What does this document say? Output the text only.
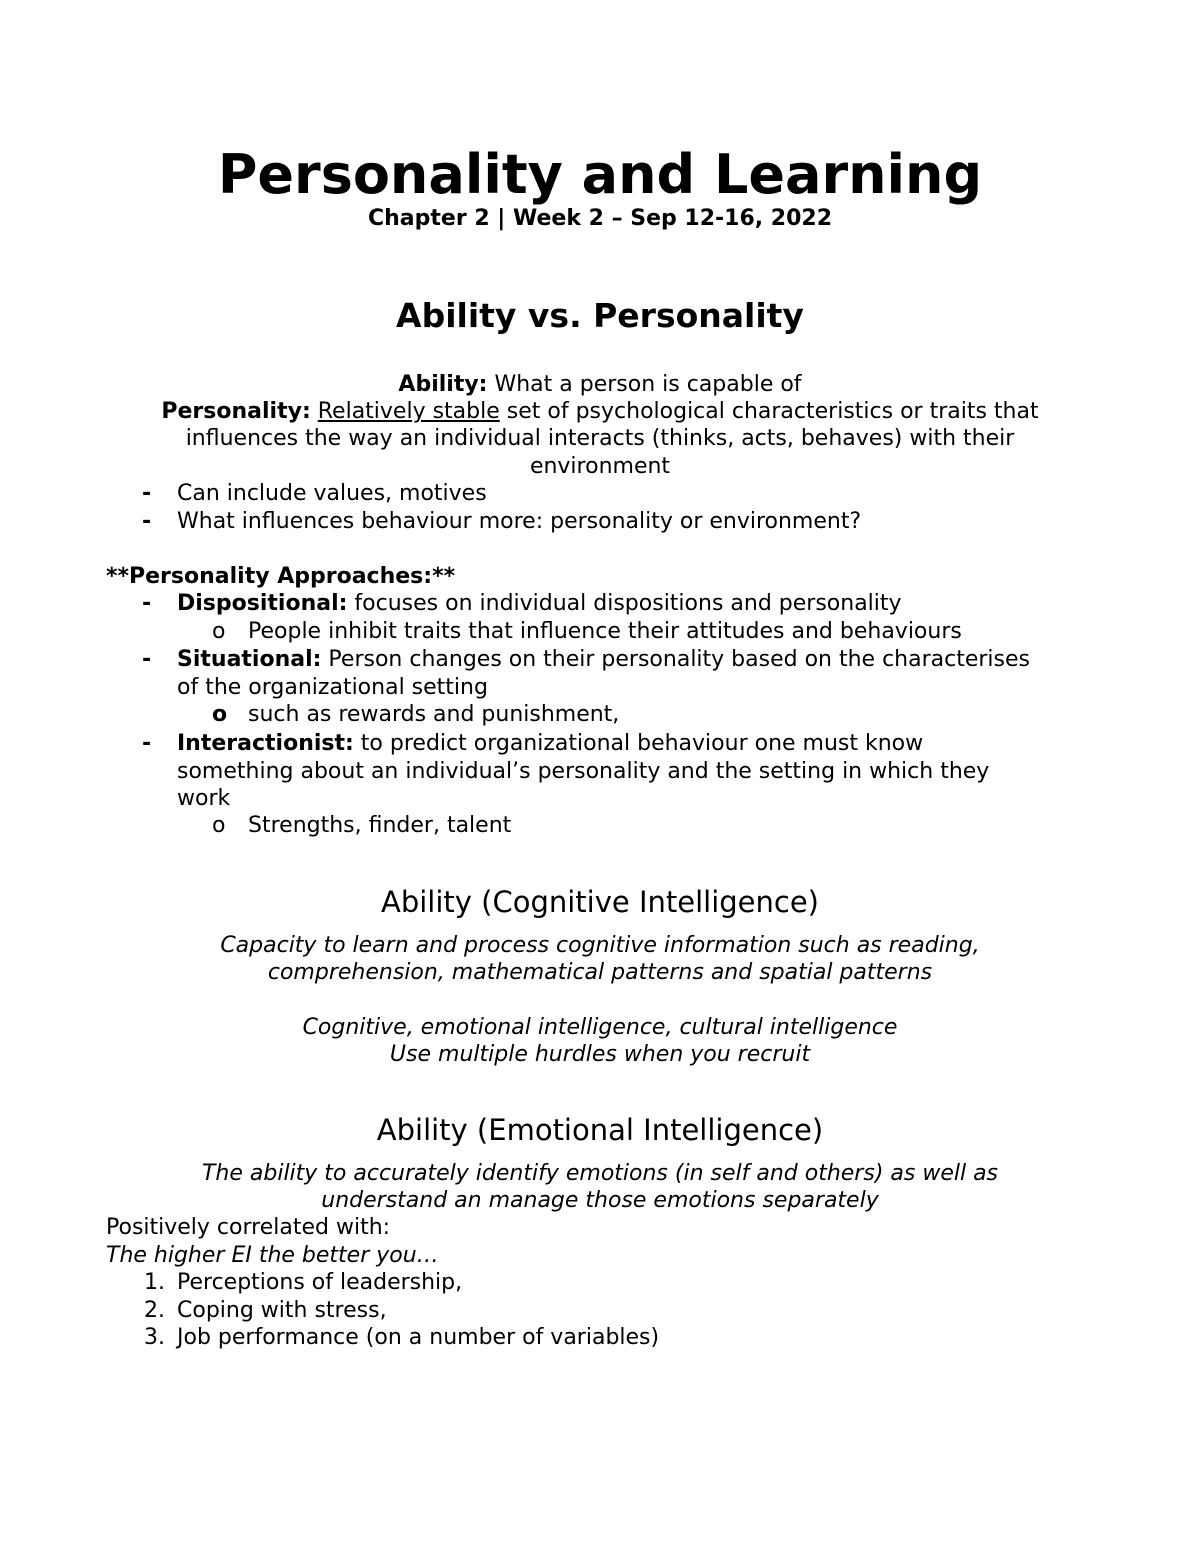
Personality and Learning
Chapter 2 | Week 2 – Sep 12-16, 2022
Ability vs. Personality
Ability: What a person is capable of
Personality: Relatively stable set of psychological characteristics or traits that
influences the way an individual interacts (thinks, acts, behaves) with their
environment
- Can include values, motives
- What influences behaviour more: personality or environment?
**Personality Approaches:**
- Dispositional: focuses on individual dispositions and personality
o People inhibit traits that influence their attitudes and behaviours
- Situational: Person changes on their personality based on the characterises
of the organizational setting
o such as rewards and punishment,
- Interactionist: to predict organizational behaviour one must know
something about an individual’s personality and the setting in which they
work
o Strengths, finder, talent
Ability (Cognitive Intelligence)
Capacity to learn and process cognitive information such as reading,
comprehension, mathematical patterns and spatial patterns
Cognitive, emotional intelligence, cultural intelligence
Use multiple hurdles when you recruit
Ability (Emotional Intelligence)
The ability to accurately identify emotions (in self and others) as well as
understand an manage those emotions separately
Positively correlated with:
The higher EI the better you…
1. Perceptions of leadership,
2. Coping with stress,
3. Job performance (on a number of variables)
